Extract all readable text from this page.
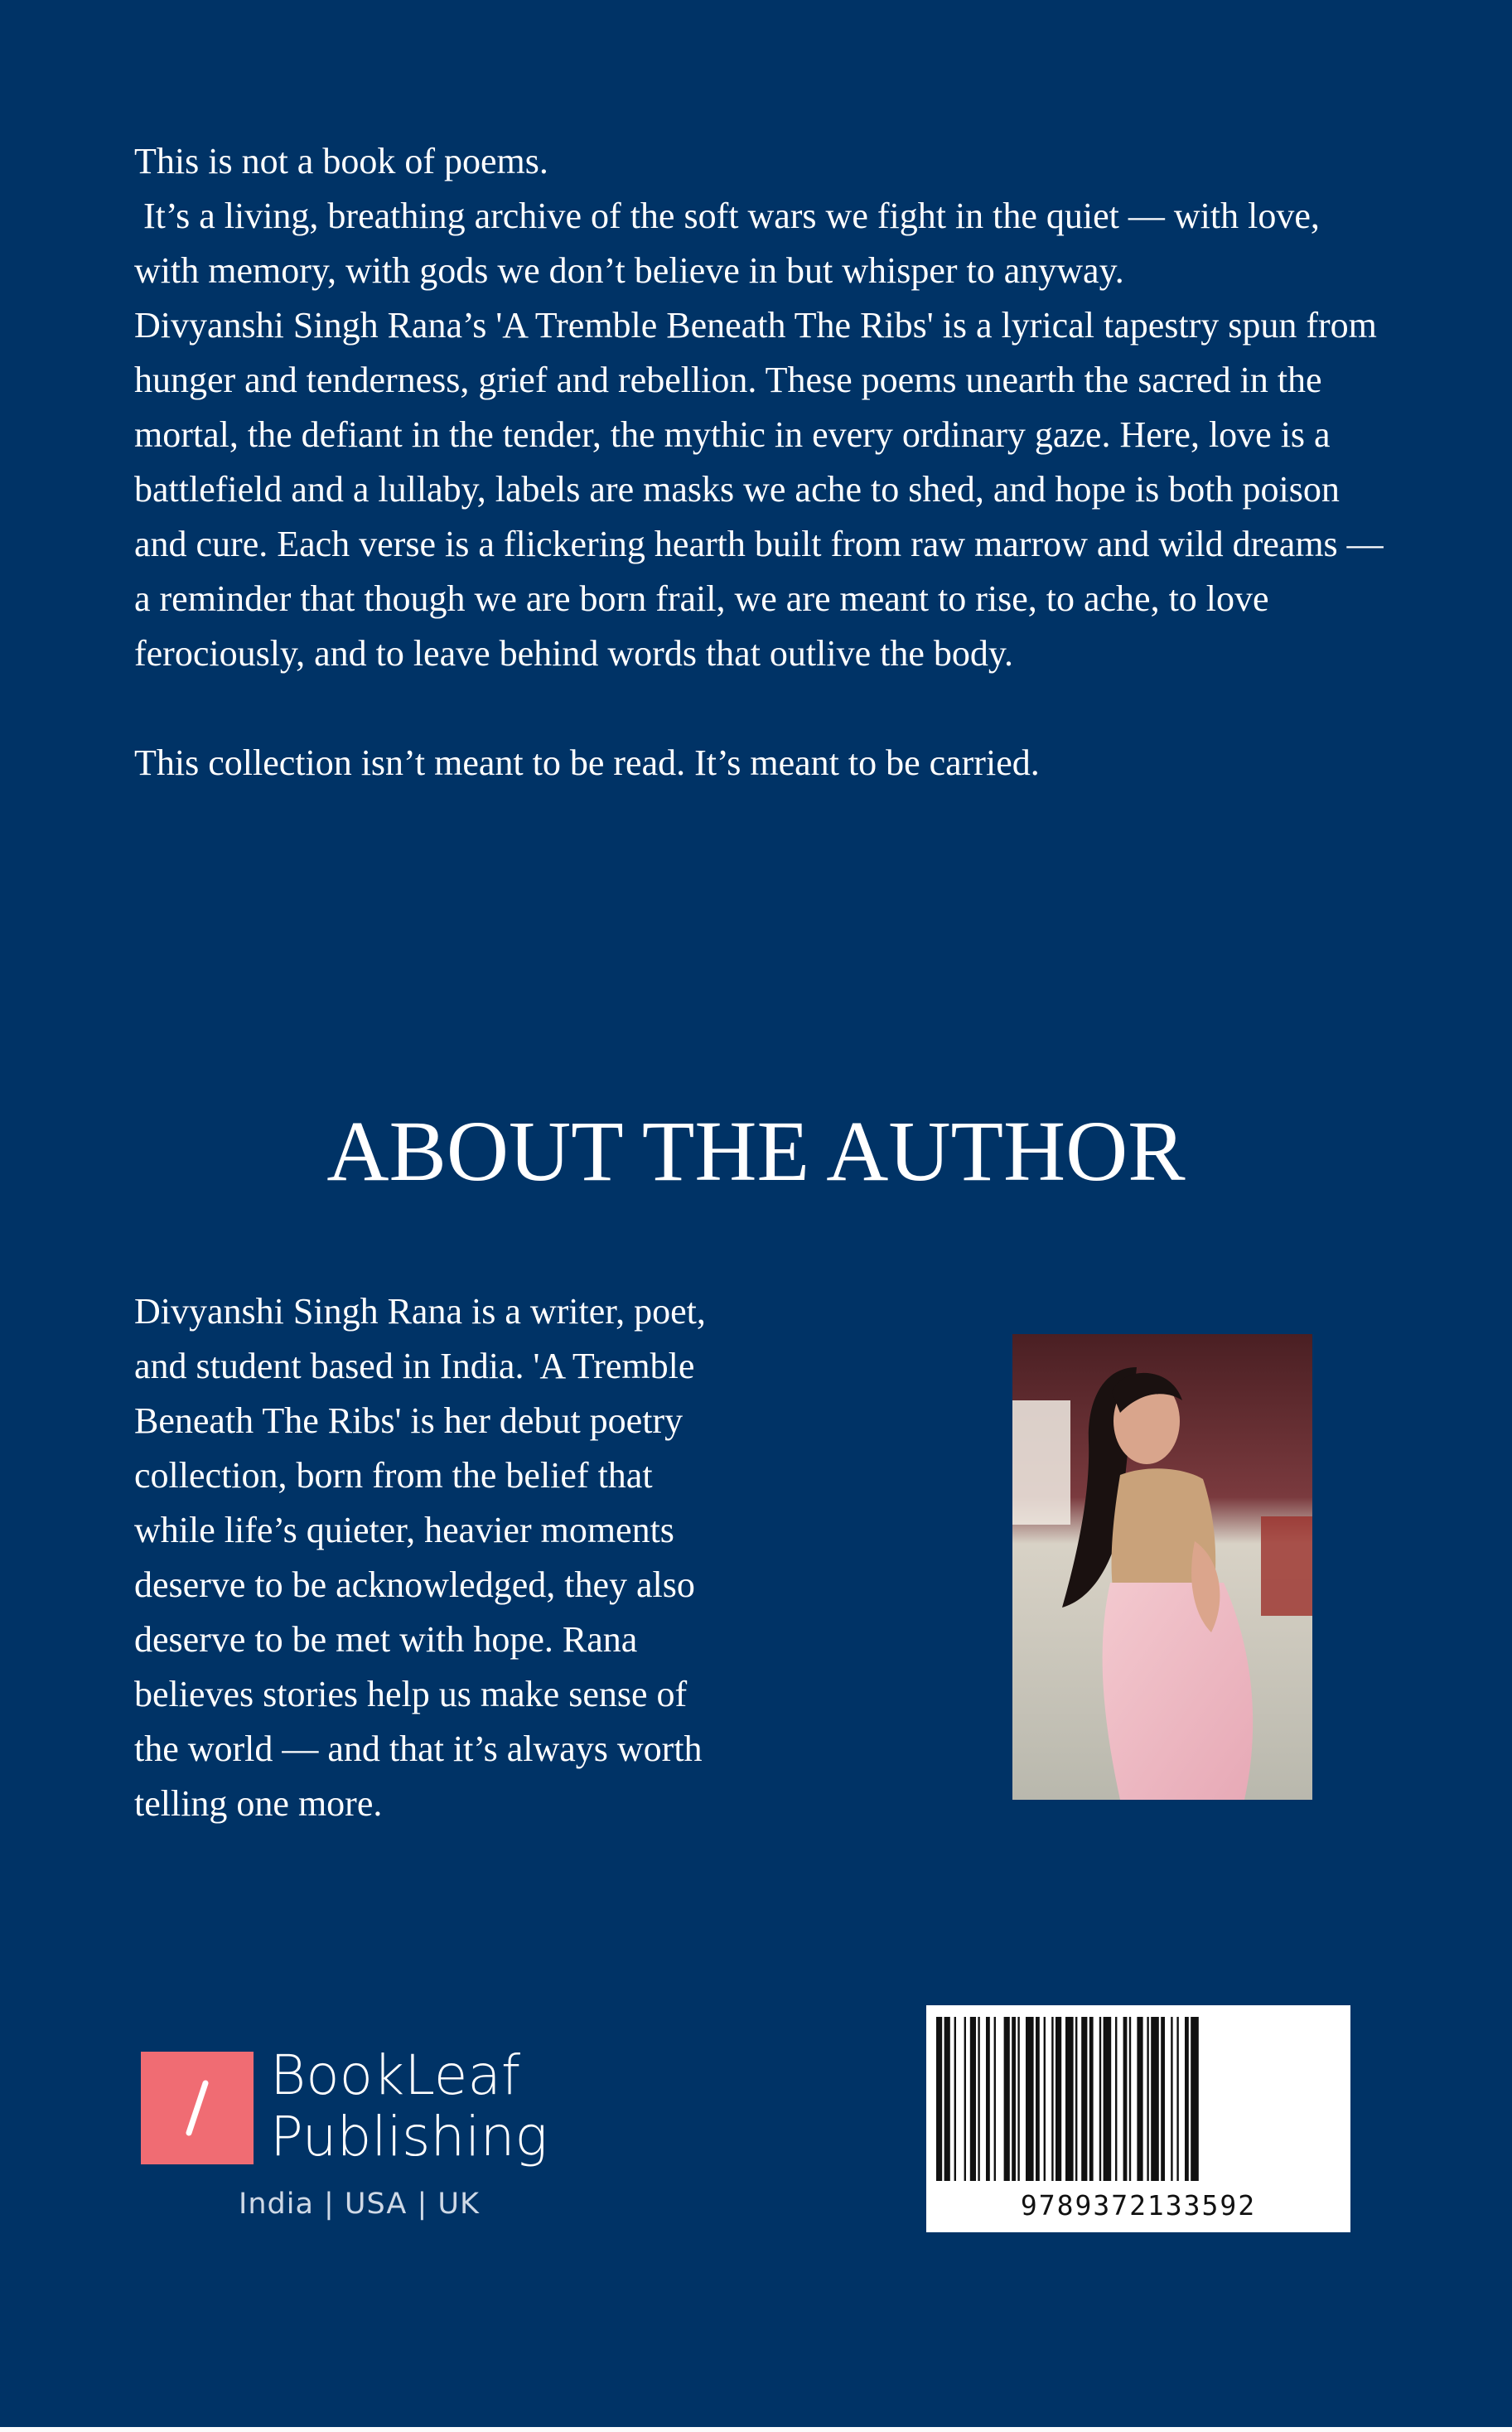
This is not a book of poems.
It’s a living, breathing archive of the soft wars we fight in the quiet — with love, with memory, with gods we don’t believe in but whisper to anyway.
Divyanshi Singh Rana’s 'A Tremble Beneath The Ribs' is a lyrical tapestry spun from hunger and tenderness, grief and rebellion. These poems unearth the sacred in the mortal, the defiant in the tender, the mythic in every ordinary gaze. Here, love is a battlefield and a lullaby, labels are masks we ache to shed, and hope is both poison and cure. Each verse is a flickering hearth built from raw marrow and wild dreams — a reminder that though we are born frail, we are meant to rise, to ache, to love ferociously, and to leave behind words that outlive the body.

This collection isn’t meant to be read. It’s meant to be carried.

ABOUT THE AUTHOR

Divyanshi Singh Rana is a writer, poet, and student based in India. 'A Tremble Beneath The Ribs' is her debut poetry collection, born from the belief that while life’s quieter, heavier moments deserve to be acknowledged, they also deserve to be met with hope. Rana believes stories help us make sense of the world — and that it’s always worth telling one more.

BookLeaf
Publishing
India | USA | UK	9789372133592
